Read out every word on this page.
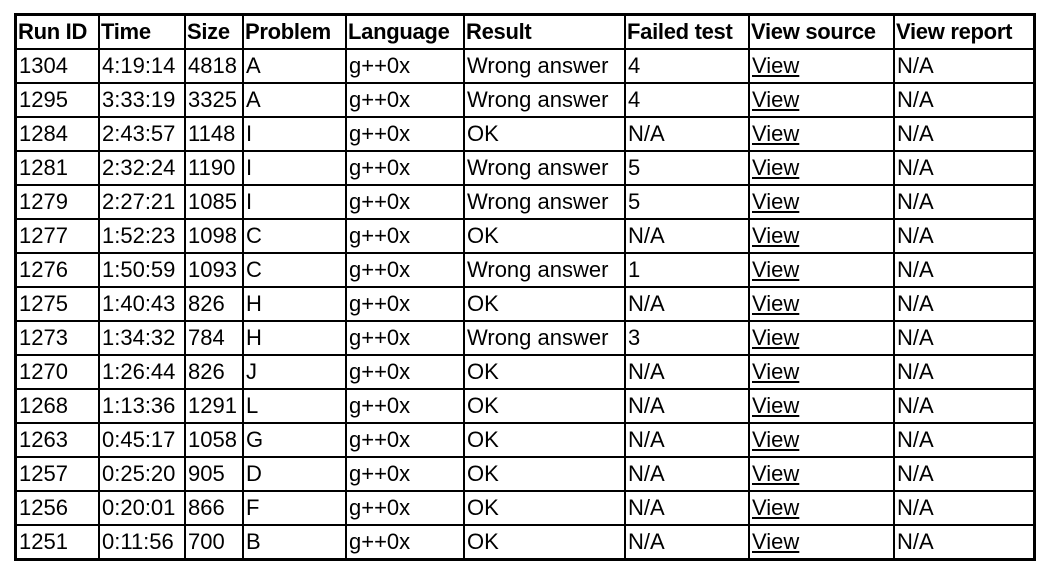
Run ID	Time	Size	Problem	Language	Result	Failed test	View source	View report
1304	4:19:14	4818	A	g++0x	Wrong answer	4	View	N/A
1295	3:33:19	3325	A	g++0x	Wrong answer	4	View	N/A
1284	2:43:57	1148	I	g++0x	OK	N/A	View	N/A
1281	2:32:24	1190	I	g++0x	Wrong answer	5	View	N/A
1279	2:27:21	1085	I	g++0x	Wrong answer	5	View	N/A
1277	1:52:23	1098	C	g++0x	OK	N/A	View	N/A
1276	1:50:59	1093	C	g++0x	Wrong answer	1	View	N/A
1275	1:40:43	826	H	g++0x	OK	N/A	View	N/A
1273	1:34:32	784	H	g++0x	Wrong answer	3	View	N/A
1270	1:26:44	826	J	g++0x	OK	N/A	View	N/A
1268	1:13:36	1291	L	g++0x	OK	N/A	View	N/A
1263	0:45:17	1058	G	g++0x	OK	N/A	View	N/A
1257	0:25:20	905	D	g++0x	OK	N/A	View	N/A
1256	0:20:01	866	F	g++0x	OK	N/A	View	N/A
1251	0:11:56	700	B	g++0x	OK	N/A	View	N/A
